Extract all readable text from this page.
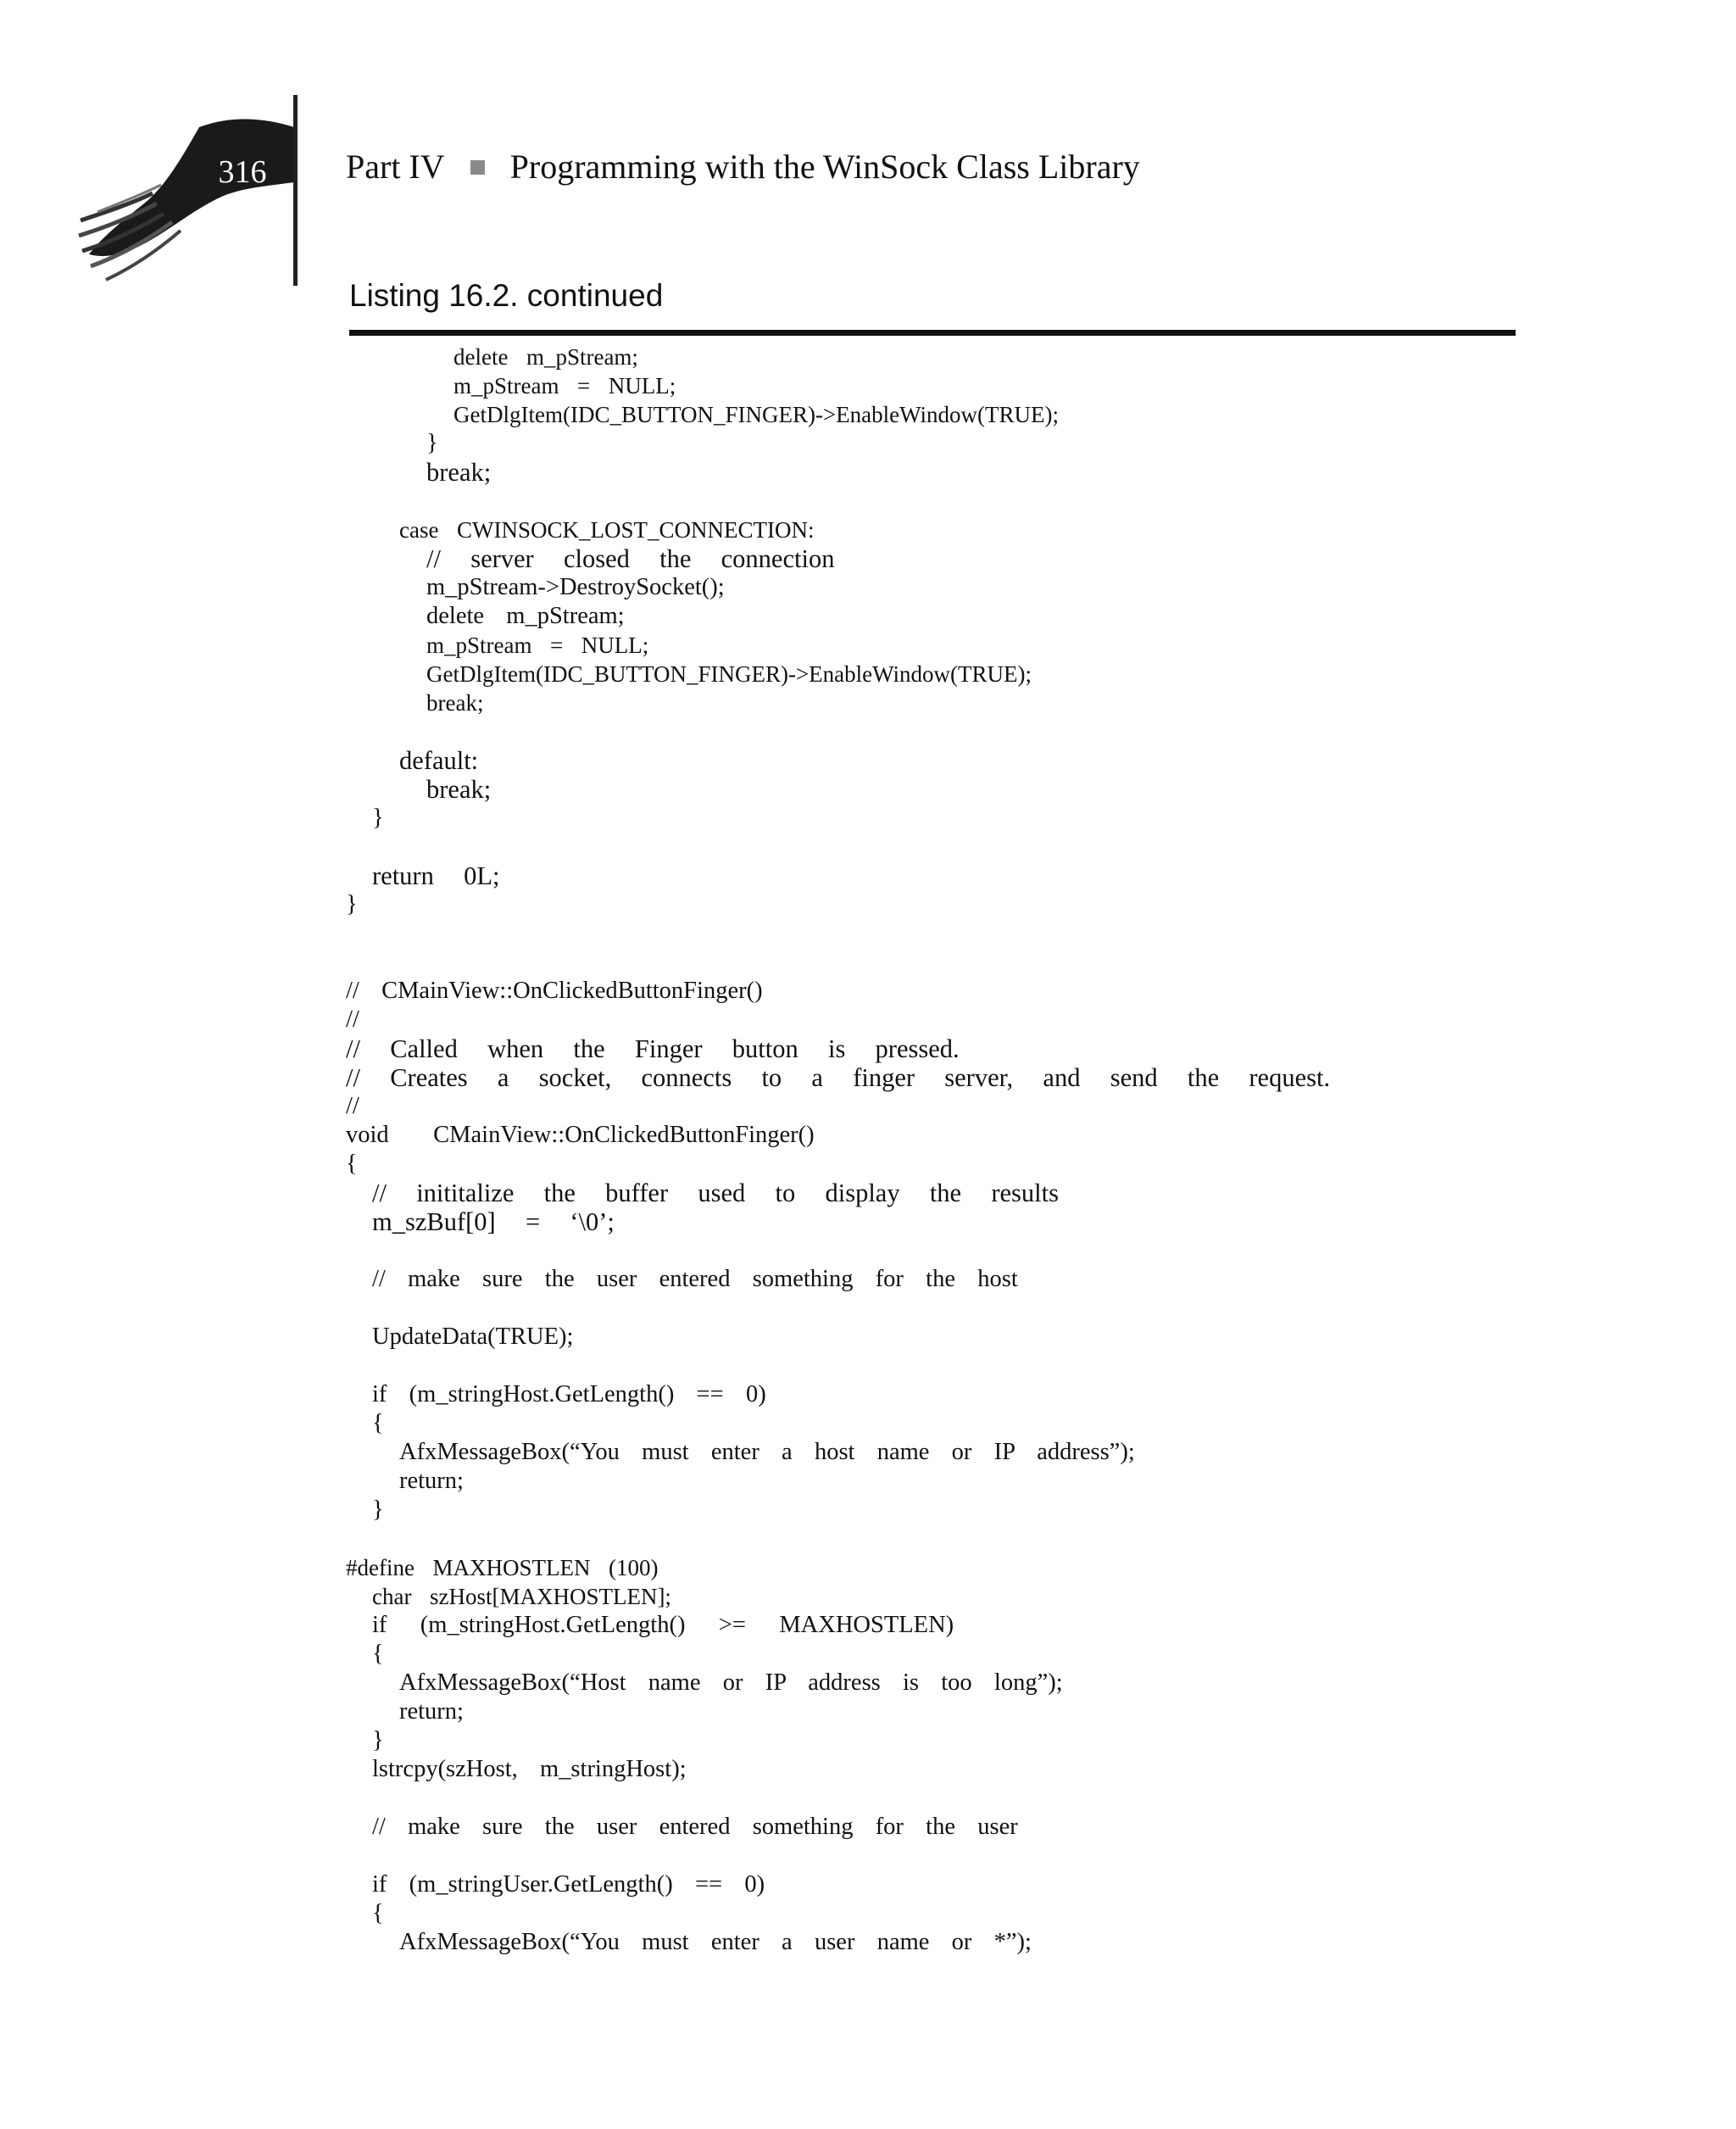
316	Part IV Programming with the WinSock Class Library
Listing 16.2. continued
delete  m_pStream;
m_pStream  =  NULL;
GetDlgItem(IDC_BUTTON_FINGER)->EnableWindow(TRUE);
}
break;
case  CWINSOCK_LOST_CONNECTION:
//  server  closed  the  connection
m_pStream->DestroySocket();
delete  m_pStream;
m_pStream  =  NULL;
GetDlgItem(IDC_BUTTON_FINGER)->EnableWindow(TRUE);
break;
default:
break;
}
return  0L;
}
//  CMainView::OnClickedButtonFinger()
//
//  Called  when  the  Finger  button  is  pressed.
//  Creates  a  socket,  connects  to  a  finger  server,  and  send  the  request.
//
void    CMainView::OnClickedButtonFinger()
{
//  inititalize  the  buffer  used  to  display  the  results
m_szBuf[0]  =  ‘\0’;
//  make  sure  the  user  entered  something  for  the  host
UpdateData(TRUE);
if  (m_stringHost.GetLength()  ==  0)
{
AfxMessageBox(“You  must  enter  a  host  name  or  IP  address”);
return;
}
#define  MAXHOSTLEN  (100)
char  szHost[MAXHOSTLEN];
if   (m_stringHost.GetLength()   >=   MAXHOSTLEN)
{
AfxMessageBox(“Host  name  or  IP  address  is  too  long”);
return;
}
lstrcpy(szHost,  m_stringHost);
//  make  sure  the  user  entered  something  for  the  user
if  (m_stringUser.GetLength()  ==  0)
{
AfxMessageBox(“You  must  enter  a  user  name  or  *”);
